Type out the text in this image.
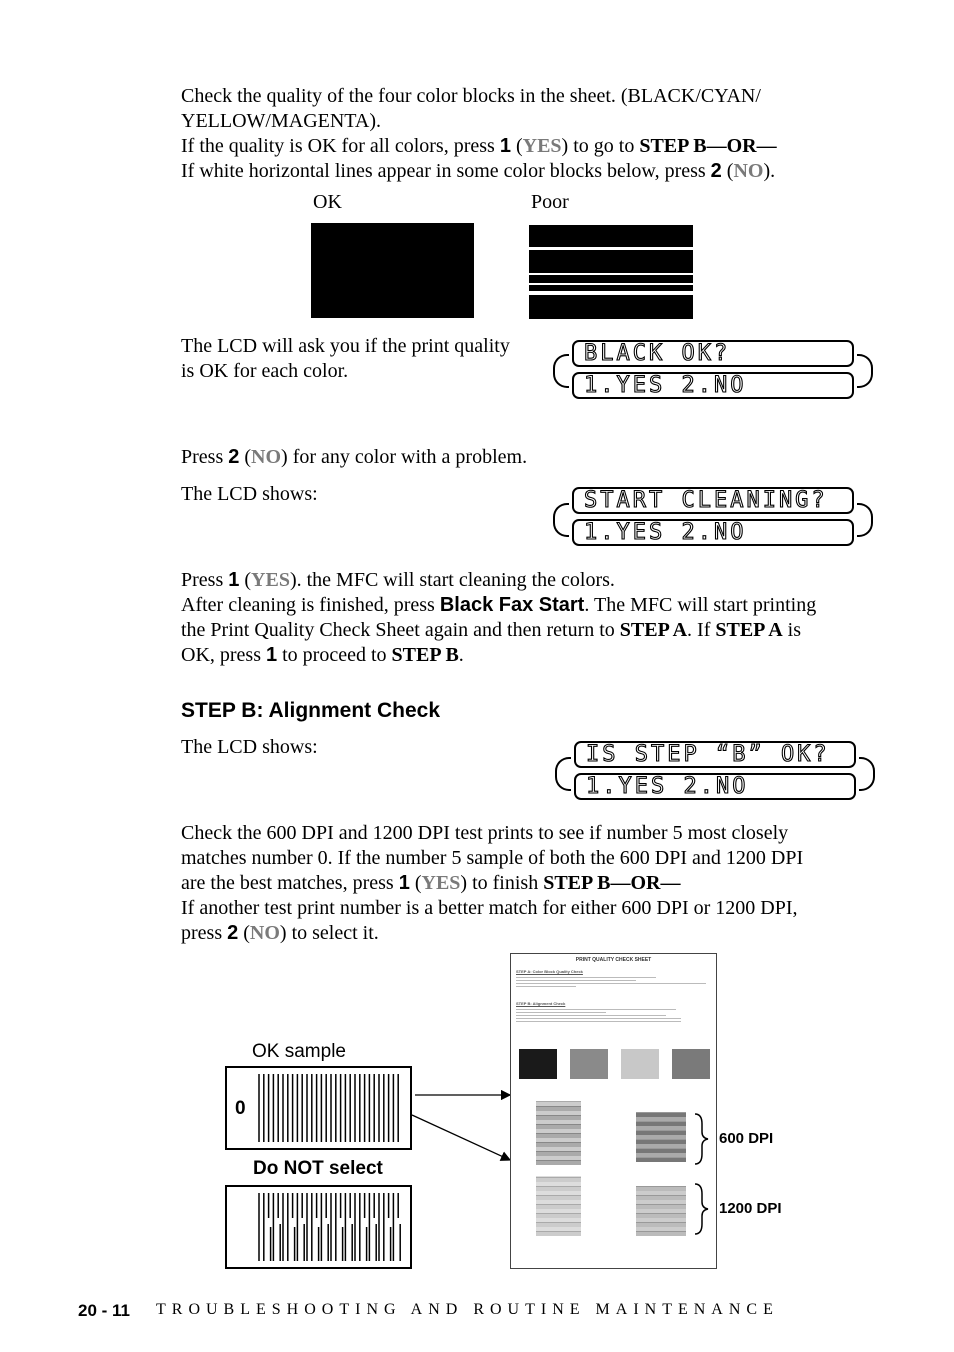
Check the quality of the four color blocks in the sheet. (BLACK/CYAN/

YELLOW/MAGENTA).

If the quality is OK for all colors, press 1 (YES) to go to STEP B—OR—

If white horizontal lines appear in some color blocks below, press 2 (NO).

OK	Poor

The LCD will ask you if the print quality

is OK for each color.

BLACK OK?
1.YES 2.NO

Press 2 (NO) for any color with a problem.

The LCD shows:	START CLEANING?
1.YES 2.NO

Press 1 (YES). the MFC will start cleaning the colors.

After cleaning is finished, press Black Fax Start. The MFC will start printing

the Print Quality Check Sheet again and then return to STEP A. If STEP A is

OK, press 1 to proceed to STEP B.

STEP B: Alignment Check

The LCD shows:	IS STEP “B” OK?
1.YES 2.NO

Check the 600 DPI and 1200 DPI test prints to see if number 5 most closely

matches number 0. If the number 5 sample of both the 600 DPI and 1200 DPI

are the best matches, press 1 (YES) to finish STEP B—OR—

If another test print number is a better match for either 600 DPI or 1200 DPI,

press 2 (NO) to select it.

OK sample
0
Do NOT select
PRINT QUALITY CHECK SHEET
STEP A: Color Block Quality Check
STEP B: Alignment Check
600 DPI
1200 DPI
20 - 11 TROUBLESHOOTING AND ROUTINE MAINTENANCE
